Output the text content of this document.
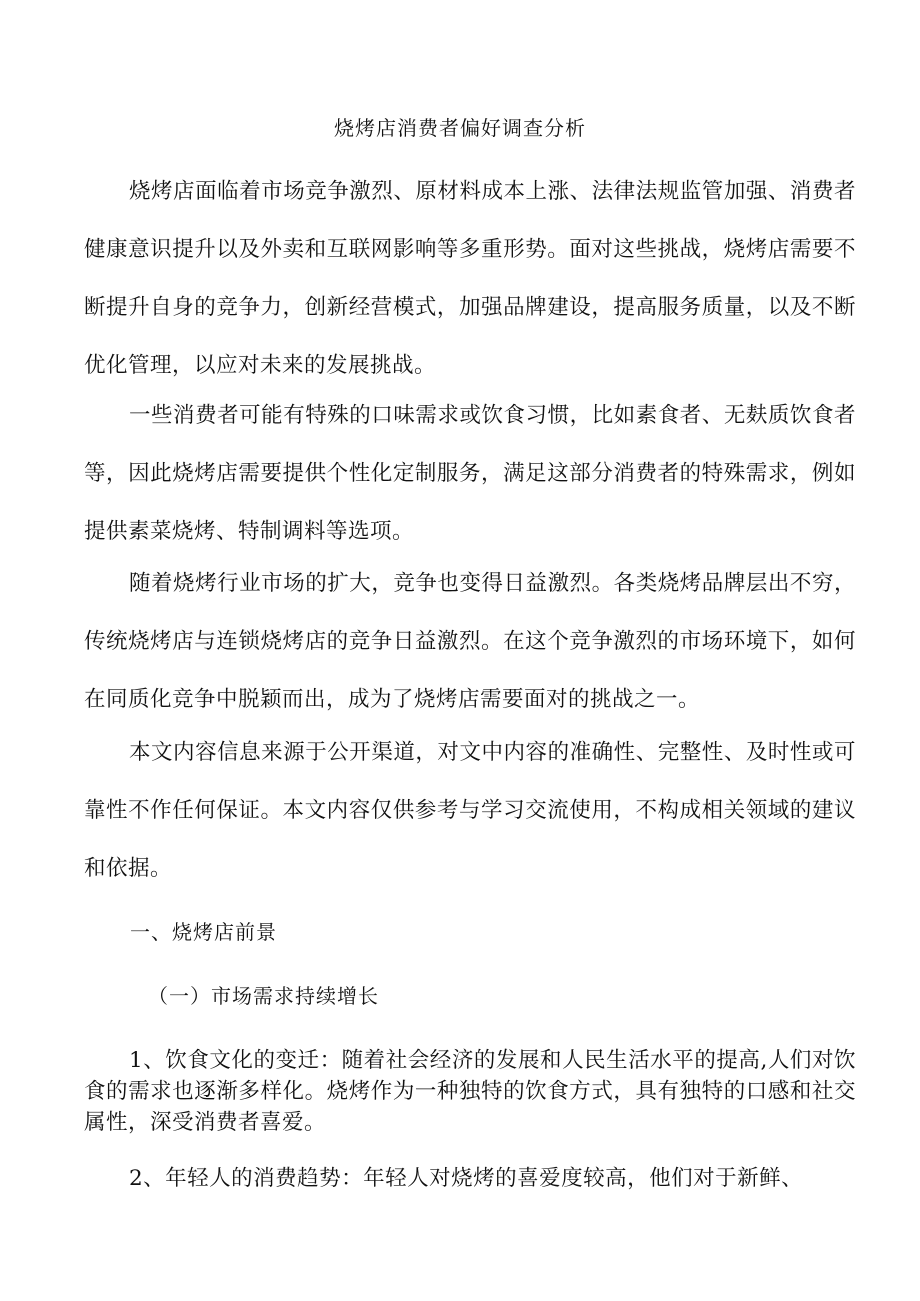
烧烤店消费者偏好调查分析

烧烤店面临着市场竞争激烈、原材料成本上涨、法律法规监管加强、消费者健康意识提升以及外卖和互联网影响等多重形势。面对这些挑战，烧烤店需要不断提升自身的竞争力，创新经营模式，加强品牌建设，提高服务质量，以及不断优化管理，以应对未来的发展挑战。

一些消费者可能有特殊的口味需求或饮食习惯，比如素食者、无麸质饮食者等，因此烧烤店需要提供个性化定制服务，满足这部分消费者的特殊需求，例如提供素菜烧烤、特制调料等选项。

随着烧烤行业市场的扩大，竞争也变得日益激烈。各类烧烤品牌层出不穷，传统烧烤店与连锁烧烤店的竞争日益激烈。在这个竞争激烈的市场环境下，如何在同质化竞争中脱颖而出，成为了烧烤店需要面对的挑战之一。

本文内容信息来源于公开渠道，对文中内容的准确性、完整性、及时性或可靠性不作任何保证。本文内容仅供参考与学习交流使用，不构成相关领域的建议和依据。

一、烧烤店前景
（一）市场需求持续增长

1、饮食文化的变迁：随着社会经济的发展和人民生活水平的提高,人们对饮食的需求也逐渐多样化。烧烤作为一种独特的饮食方式，具有独特的口感和社交属性，深受消费者喜爱。

2、年轻人的消费趋势：年轻人对烧烤的喜爱度较高，他们对于新鲜、
